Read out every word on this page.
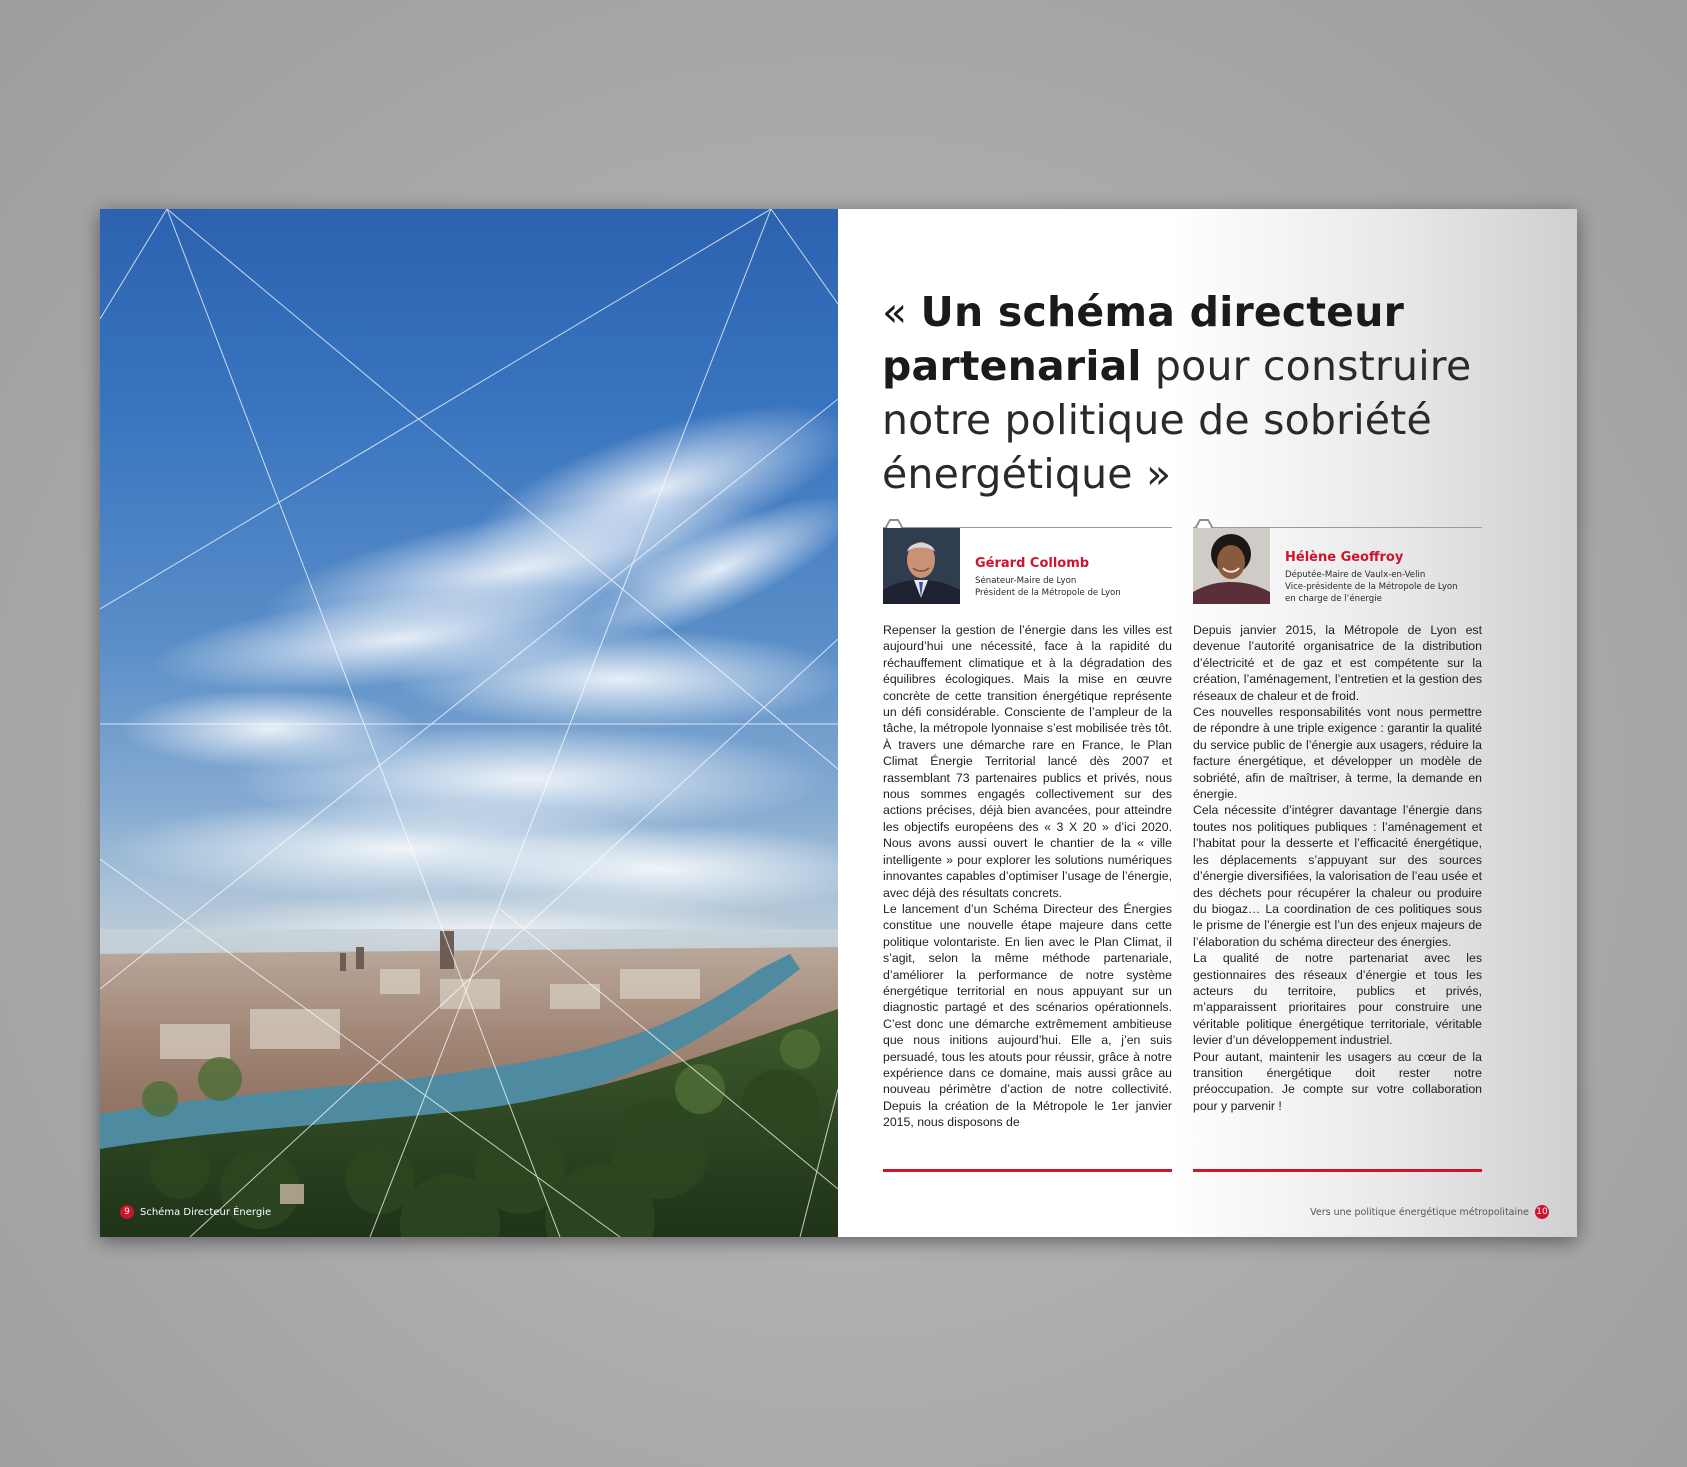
9	Schéma Directeur Énergie
« Un schéma directeur partenarial pour construire notre politique de sobriété énergétique »
Gérard Collomb
Sénateur-Maire de Lyon
Président de la Métropole de Lyon

Repenser la gestion de l’énergie dans les villes est aujourd’hui une nécessité, face à la rapidité du réchauffement climatique et à la dégradation des équilibres écologiques. Mais la mise en œuvre concrète de cette transition énergétique représente un défi considérable. Consciente de l’ampleur de la tâche, la métropole lyonnaise s’est mobilisée très tôt. À travers une démarche rare en France, le Plan Climat Énergie Territorial lancé dès 2007 et rassemblant 73 partenaires publics et privés, nous nous sommes engagés collectivement sur des actions précises, déjà bien avancées, pour atteindre les objectifs européens des « 3 X 20 » d’ici 2020. Nous avons aussi ouvert le chantier de la « ville intelligente » pour explorer les solutions numériques innovantes capables d’optimiser l’usage de l’énergie, avec déjà des résultats concrets.

Le lancement d’un Schéma Directeur des Énergies constitue une nouvelle étape majeure dans cette politique volontariste. En lien avec le Plan Climat, il s’agit, selon la même méthode partenariale, d’améliorer la performance de notre système énergétique territorial en nous appuyant sur un diagnostic partagé et des scénarios opérationnels. C’est donc une démarche extrêmement ambitieuse que nous initions aujourd’hui. Elle a, j’en suis persuadé, tous les atouts pour réussir, grâce à notre expérience dans ce domaine, mais aussi grâce au nouveau périmètre d’action de notre collectivité. Depuis la création de la Métropole le 1er janvier 2015, nous disposons de

Hélène Geoffroy
Députée-Maire de Vaulx-en-Velin
Vice-présidente de la Métropole de Lyon
en charge de l’énergie

Depuis janvier 2015, la Métropole de Lyon est devenue l’autorité organisatrice de la distribution d’électricité et de gaz et est compétente sur la création, l’aménagement, l’entretien et la gestion des réseaux de chaleur et de froid.

Ces nouvelles responsabilités vont nous permettre de répondre à une triple exigence : garantir la qualité du service public de l’énergie aux usagers, réduire la facture énergétique, et développer un modèle de sobriété, afin de maîtriser, à terme, la demande en énergie.

Cela nécessite d’intégrer davantage l’énergie dans toutes nos politiques publiques : l’aménagement et l’habitat pour la desserte et l’efficacité énergétique, les déplacements s’appuyant sur des sources d’énergie diversifiées, la valorisation de l’eau usée et des déchets pour récupérer la chaleur ou produire du biogaz… La coordination de ces politiques sous le prisme de l’énergie est l’un des enjeux majeurs de l’élaboration du schéma directeur des énergies.

La qualité de notre partenariat avec les gestionnaires des réseaux d’énergie et tous les acteurs du territoire, publics et privés, m’apparaissent prioritaires pour construire une véritable politique énergétique territoriale, véritable levier d’un développement industriel.

Pour autant, maintenir les usagers au cœur de la transition énergétique doit rester notre préoccupation. Je compte sur votre collaboration pour y parvenir !

Vers une politique énergétique métropolitaine 10
